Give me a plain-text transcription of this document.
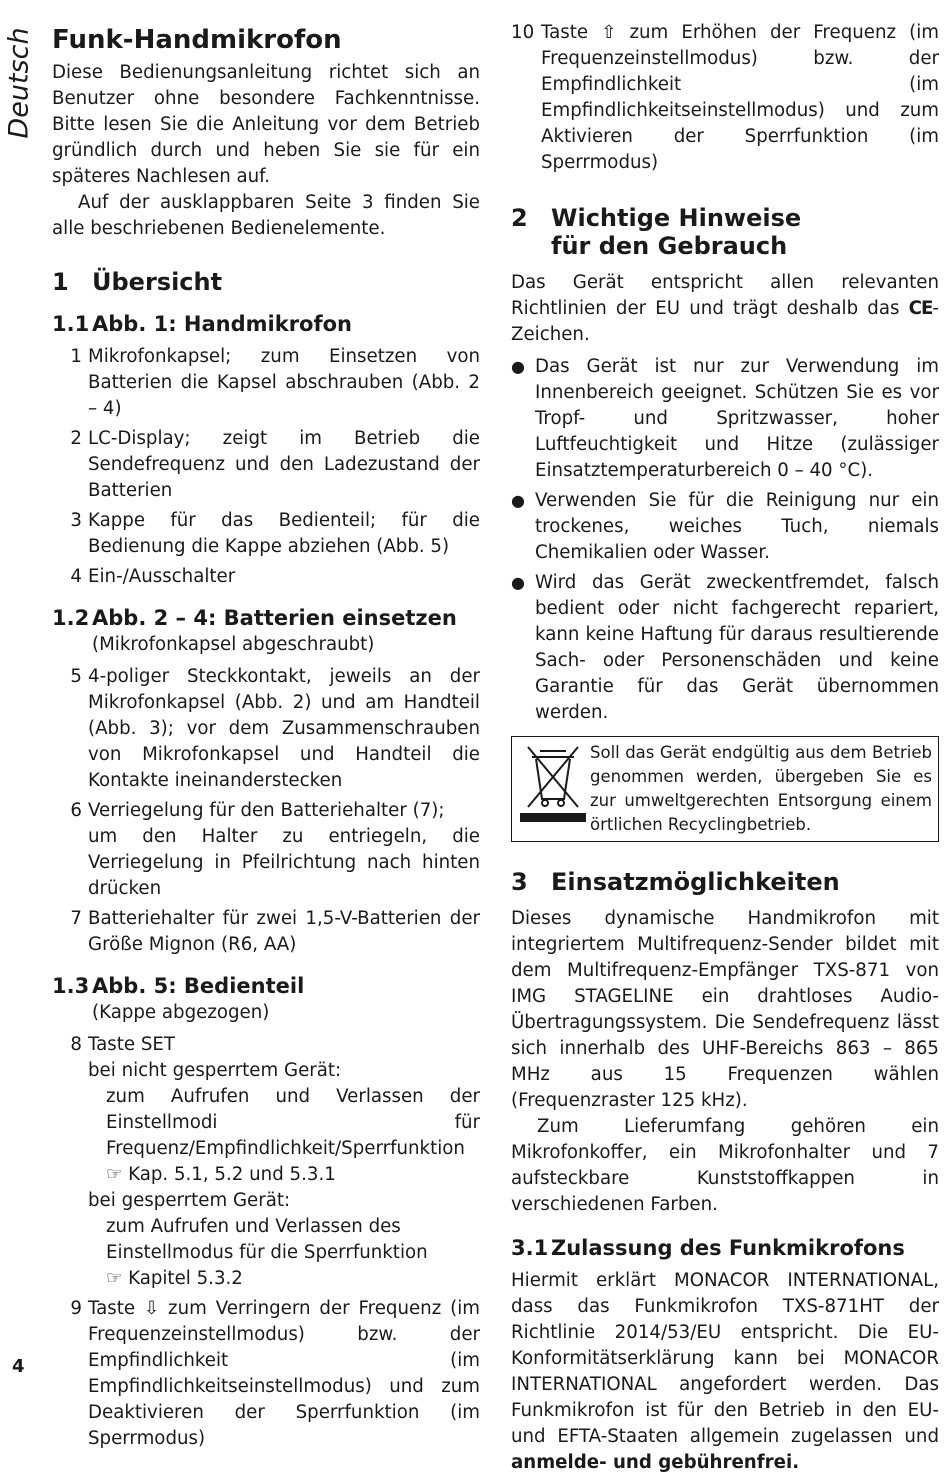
Deutsch Funk-Handmikrofon

Diese Bedienungsanleitung richtet sich an Benutzer ohne besondere Fachkenntnisse. Bitte lesen Sie die Anleitung vor dem Betrieb gründlich durch und heben Sie sie für ein späteres Nachlesen auf.

Auf der ausklappbaren Seite 3 finden Sie alle beschriebenen Bedienelemente.

1 Übersicht
1.1 Abb. 1: Handmikrofon
1 Mikrofonkapsel; zum Einsetzen von Batterien die Kapsel abschrauben (Abb. 2 – 4)
2 LC-Display; zeigt im Betrieb die Sendefrequenz und den Ladezustand der Batterien
3 Kappe für das Bedienteil; für die Bedienung die Kappe abziehen (Abb. 5)
4 Ein-/Ausschalter
1.2 Abb. 2 – 4: Batterien einsetzen
(Mikrofonkapsel abgeschraubt)
5 4-poliger Steckkontakt, jeweils an der Mikrofonkapsel (Abb. 2) und am Handteil (Abb. 3); vor dem Zusammenschrauben von Mikrofonkapsel und Handteil die Kontakte ineinanderstecken
6 Verriegelung für den Batteriehalter (7);
um den Halter zu entriegeln, die Verriegelung in Pfeilrichtung nach hinten drücken
7 Batteriehalter für zwei 1,5-V-Batterien der Größe Mignon (R6, AA)
1.3 Abb. 5: Bedienteil
(Kappe abgezogen)
8 Taste SET
bei nicht gesperrtem Gerät:
zum Aufrufen und Verlassen der Einstellmodi für Frequenz/Empfindlichkeit/Sperrfunktion ☞ Kap. 5.1, 5.2 und 5.3.1
bei gesperrtem Gerät:
zum Aufrufen und Verlassen des Einstellmodus für die Sperrfunktion
☞ Kapitel 5.3.2
9 Taste ⇩ zum Verringern der Frequenz (im Frequenzeinstellmodus) bzw. der Empfindlichkeit (im Empfindlichkeitseinstellmodus) und zum Deaktivieren der Sperrfunktion (im Sperrmodus)
10 Taste ⇧ zum Erhöhen der Frequenz (im Frequenzeinstellmodus) bzw. der Empfindlichkeit (im Empfindlichkeitseinstellmodus) und zum Aktivieren der Sperrfunktion (im Sperrmodus)
2 Wichtige Hinweise
für den Gebrauch

Das Gerät entspricht allen relevanten Richtlinien der EU und trägt deshalb das CE-Zeichen.

● Das Gerät ist nur zur Verwendung im Innenbereich geeignet. Schützen Sie es vor Tropf- und Spritzwasser, hoher Luftfeuchtigkeit und Hitze (zulässiger Einsatztemperaturbereich 0 – 40 °C).
● Verwenden Sie für die Reinigung nur ein trockenes, weiches Tuch, niemals Chemikalien oder Wasser.
● Wird das Gerät zweckentfremdet, falsch bedient oder nicht fachgerecht repariert, kann keine Haftung für daraus resultierende Sach- oder Personenschäden und keine Garantie für das Gerät übernommen werden.
Soll das Gerät endgültig aus dem Betrieb genommen werden, übergeben Sie es zur umweltgerechten Entsorgung einem örtlichen Recyclingbetrieb.
3 Einsatzmöglichkeiten

Dieses dynamische Handmikrofon mit integriertem Multifrequenz-Sender bildet mit dem Multifrequenz-Empfänger TXS-871 von IMG STAGELINE ein drahtloses Audio-Übertragungssystem. Die Sendefrequenz lässt sich innerhalb des UHF-Bereichs 863 – 865 MHz aus 15 Frequenzen wählen (Frequenzraster 125 kHz).

Zum Lieferumfang gehören ein Mikrofonkoffer, ein Mikrofonhalter und 7 aufsteckbare Kunststoffkappen in verschiedenen Farben.

3.1 Zulassung des Funkmikrofons

Hiermit erklärt MONACOR INTERNATIONAL, dass das Funkmikrofon TXS-871HT der Richtlinie 2014/53/EU entspricht. Die EU-Konformitätserklärung kann bei MONACOR INTERNATIONAL angefordert werden. Das Funkmikrofon ist für den Betrieb in den EU- und EFTA-Staaten allgemein zugelassen und anmelde- und gebührenfrei.

4
